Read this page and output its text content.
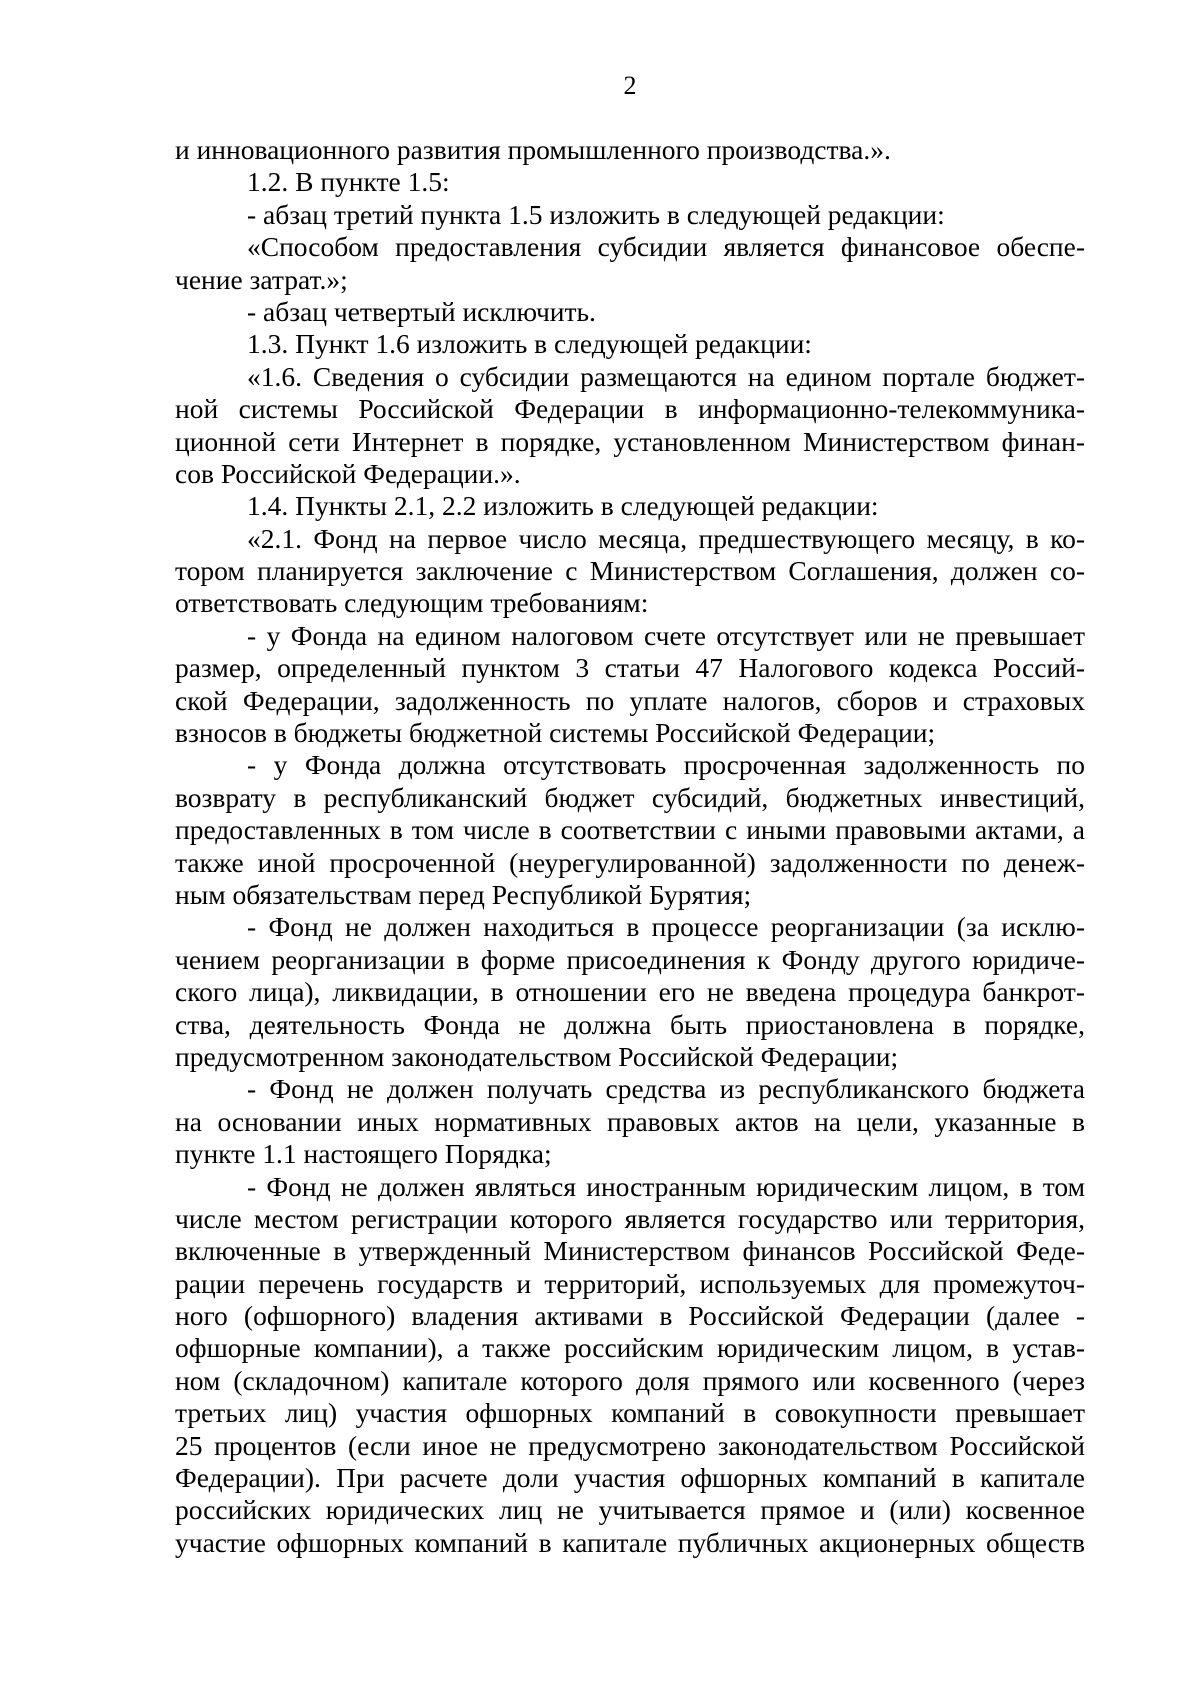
2
и инновационного развития промышленного производства.».
1.2. В пункте 1.5:
- абзац третий пункта 1.5 изложить в следующей редакции:
«Способом предоставления субсидии является финансовое обеспе-
чение затрат.»;
- абзац четвертый исключить.
1.3. Пункт 1.6 изложить в следующей редакции:
«1.6. Сведения о субсидии размещаются на едином портале бюджет-
ной системы Российской Федерации в информационно-телекоммуника-
ционной сети Интернет в порядке, установленном Министерством финан-
сов Российской Федерации.».
1.4. Пункты 2.1, 2.2 изложить в следующей редакции:
«2.1. Фонд на первое число месяца, предшествующего месяцу, в ко-
тором планируется заключение с Министерством Соглашения, должен со-
ответствовать следующим требованиям:
- у Фонда на едином налоговом счете отсутствует или не превышает
размер, определенный пунктом 3 статьи 47 Налогового кодекса Россий-
ской Федерации, задолженность по уплате налогов, сборов и страховых
взносов в бюджеты бюджетной системы Российской Федерации;
- у Фонда должна отсутствовать просроченная задолженность по
возврату в республиканский бюджет субсидий, бюджетных инвестиций,
предоставленных в том числе в соответствии с иными правовыми актами, а
также иной просроченной (неурегулированной) задолженности по денеж-
ным обязательствам перед Республикой Бурятия;
- Фонд не должен находиться в процессе реорганизации (за исклю-
чением реорганизации в форме присоединения к Фонду другого юридиче-
ского лица), ликвидации, в отношении его не введена процедура банкрот-
ства, деятельность Фонда не должна быть приостановлена в порядке,
предусмотренном законодательством Российской Федерации;
- Фонд не должен получать средства из республиканского бюджета
на основании иных нормативных правовых актов на цели, указанные в
пункте 1.1 настоящего Порядка;
- Фонд не должен являться иностранным юридическим лицом, в том
числе местом регистрации которого является государство или территория,
включенные в утвержденный Министерством финансов Российской Феде-
рации перечень государств и территорий, используемых для промежуточ-
ного (офшорного) владения активами в Российской Федерации (далее -
офшорные компании), а также российским юридическим лицом, в устав-
ном (складочном) капитале которого доля прямого или косвенного (через
третьих лиц) участия офшорных компаний в совокупности превышает
25 процентов (если иное не предусмотрено законодательством Российской
Федерации). При расчете доли участия офшорных компаний в капитале
российских юридических лиц не учитывается прямое и (или) косвенное
участие офшорных компаний в капитале публичных акционерных обществ
